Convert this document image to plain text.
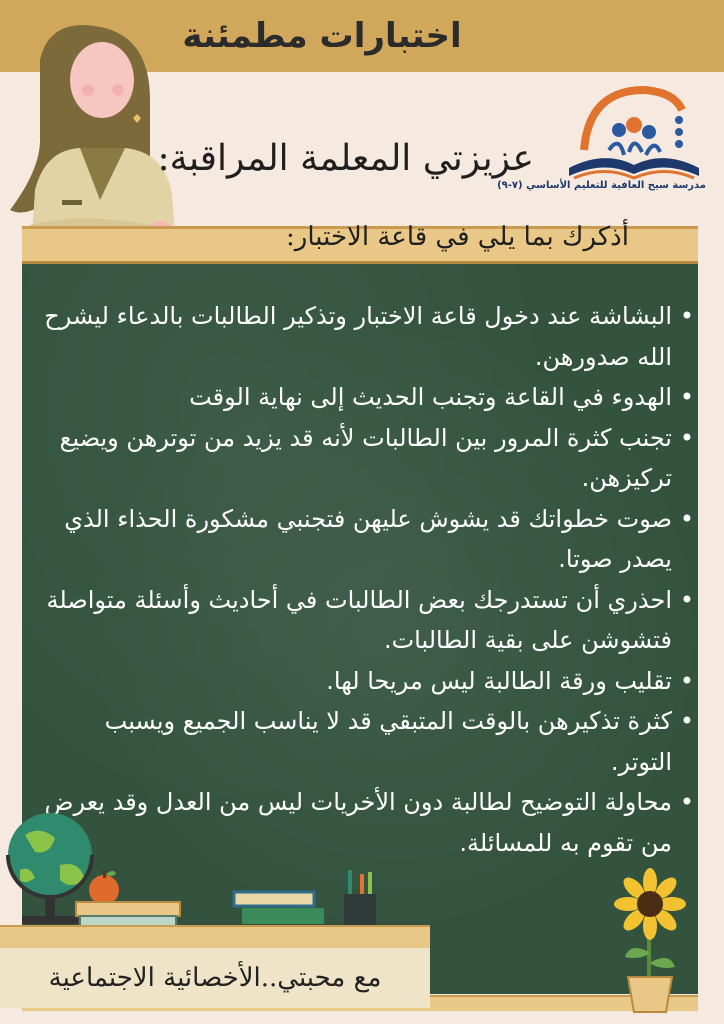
اختبارات مطمئنة
مدرسة سيح العافية للتعليم الأساسي (٧-٩)
عزيزتي المعلمة المراقبة:
أذكرك بما يلي في قاعة الاختبار:
• البشاشة عند دخول قاعة الاختبار وتذكير الطالبات بالدعاء ليشرح الله صدورهن.
• الهدوء في القاعة وتجنب الحديث إلى نهاية الوقت
• تجنب كثرة المرور بين الطالبات لأنه قد يزيد من توترهن ويضيع تركيزهن.
• صوت خطواتك قد يشوش عليهن فتجنبي مشكورة الحذاء الذي يصدر صوتا.
• احذري أن تستدرجك بعض الطالبات في أحاديث وأسئلة متواصلة فتشوشن على بقية الطالبات.
• تقليب ورقة الطالبة ليس مريحا لها.
• كثرة تذكيرهن بالوقت المتبقي قد لا يناسب الجميع ويسبب التوتر.
• محاولة التوضيح لطالبة دون الأخريات ليس من العدل وقد يعرض من تقوم به للمسائلة.
مع محبتي..الأخصائية الاجتماعية
